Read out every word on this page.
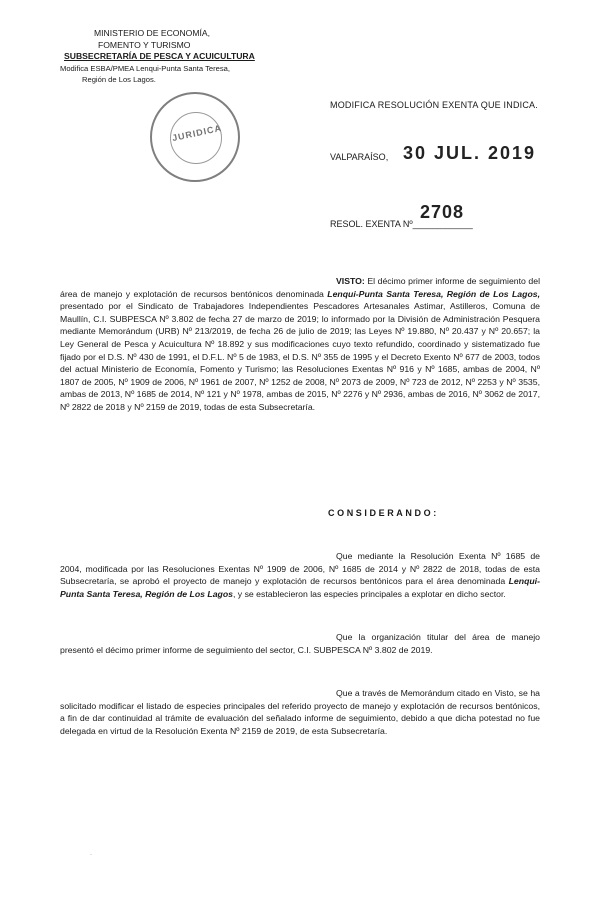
MINISTERIO DE ECONOMÍA,
FOMENTO Y TURISMO
SUBSECRETARÍA DE PESCA Y ACUICULTURA
Modifica ESBA/PMEA Lenqui-Punta Santa Teresa,
Región de Los Lagos.
JURIDICA
MODIFICA RESOLUCIÓN EXENTA QUE INDICA.
VALPARAÍSO, 30 JUL. 2019
RESOL. EXENTA Nº____________
2708
VISTO: El décimo primer informe de seguimiento del área de manejo y explotación de recursos bentónicos denominada Lenqui-Punta Santa Teresa, Región de Los Lagos, presentado por el Sindicato de Trabajadores Independientes Pescadores Artesanales Astimar, Astilleros, Comuna de Maullín, C.I. SUBPESCA Nº 3.802 de fecha 27 de marzo de 2019; lo informado por la División de Administración Pesquera mediante Memorándum (URB) Nº 213/2019, de fecha 26 de julio de 2019; las Leyes Nº 19.880, Nº 20.437 y Nº 20.657; la Ley General de Pesca y Acuicultura Nº 18.892 y sus modificaciones cuyo texto refundido, coordinado y sistematizado fue fijado por el D.S. Nº 430 de 1991, el D.F.L. Nº 5 de 1983, el D.S. Nº 355 de 1995 y el Decreto Exento Nº 677 de 2003, todos del actual Ministerio de Economía, Fomento y Turismo; las Resoluciones Exentas Nº 916 y Nº 1685, ambas de 2004, Nº 1807 de 2005, Nº 1909 de 2006, Nº 1961 de 2007, Nº 1252 de 2008, Nº 2073 de 2009, Nº 723 de 2012, Nº 2253 y Nº 3535, ambas de 2013, Nº 1685 de 2014, Nº 121 y Nº 1978, ambas de 2015, Nº 2276 y Nº 2936, ambas de 2016, Nº 3062 de 2017, Nº 2822 de 2018 y Nº 2159 de 2019, todas de esta Subsecretaría.
CONSIDERANDO:
Que mediante la Resolución Exenta Nº 1685 de 2004, modificada por las Resoluciones Exentas Nº 1909 de 2006, Nº 1685 de 2014 y Nº 2822 de 2018, todas de esta Subsecretaría, se aprobó el proyecto de manejo y explotación de recursos bentónicos para el área denominada Lenqui-Punta Santa Teresa, Región de Los Lagos, y se establecieron las especies principales a explotar en dicho sector.
Que la organización titular del área de manejo presentó el décimo primer informe de seguimiento del sector, C.I. SUBPESCA Nº 3.802 de 2019.
Que a través de Memorándum citado en Visto, se ha solicitado modificar el listado de especies principales del referido proyecto de manejo y explotación de recursos bentónicos, a fin de dar continuidad al trámite de evaluación del señalado informe de seguimiento, debido a que dicha potestad no fue delegada en virtud de la Resolución Exenta Nº 2159 de 2019, de esta Subsecretaría.
·
